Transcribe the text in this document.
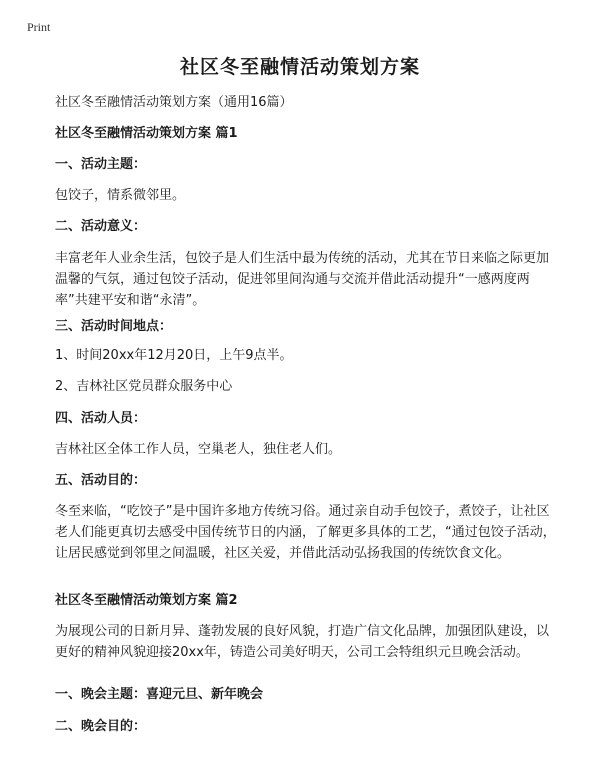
Print
社区冬至融情活动策划方案
社区冬至融情活动策划方案（通用16篇）
社区冬至融情活动策划方案 篇1
一、活动主题：
包饺子，情系微邻里。
二、活动意义：
丰富老年人业余生活，包饺子是人们生活中最为传统的活动，尤其在节日来临之际更加温馨的气氛，通过包饺子活动，促进邻里间沟通与交流并借此活动提升“一感两度两率”共建平安和谐“永清”。
三、活动时间地点：
1、时间20xx年12月20日，上午9点半。
2、吉林社区党员群众服务中心
四、活动人员：
吉林社区全体工作人员，空巢老人，独住老人们。
五、活动目的：
冬至来临，“吃饺子”是中国许多地方传统习俗。通过亲自动手包饺子，煮饺子，让社区老人们能更真切去感受中国传统节日的内涵，了解更多具体的工艺，“通过包饺子活动，让居民感觉到邻里之间温暖，社区关爱，并借此活动弘扬我国的传统饮食文化。
社区冬至融情活动策划方案 篇2
为展现公司的日新月异、蓬勃发展的良好风貌，打造广信文化品牌，加强团队建设，以更好的精神风貌迎接20xx年，铸造公司美好明天，公司工会特组织元旦晚会活动。
一、晚会主题：喜迎元旦、新年晚会
二、晚会目的：
